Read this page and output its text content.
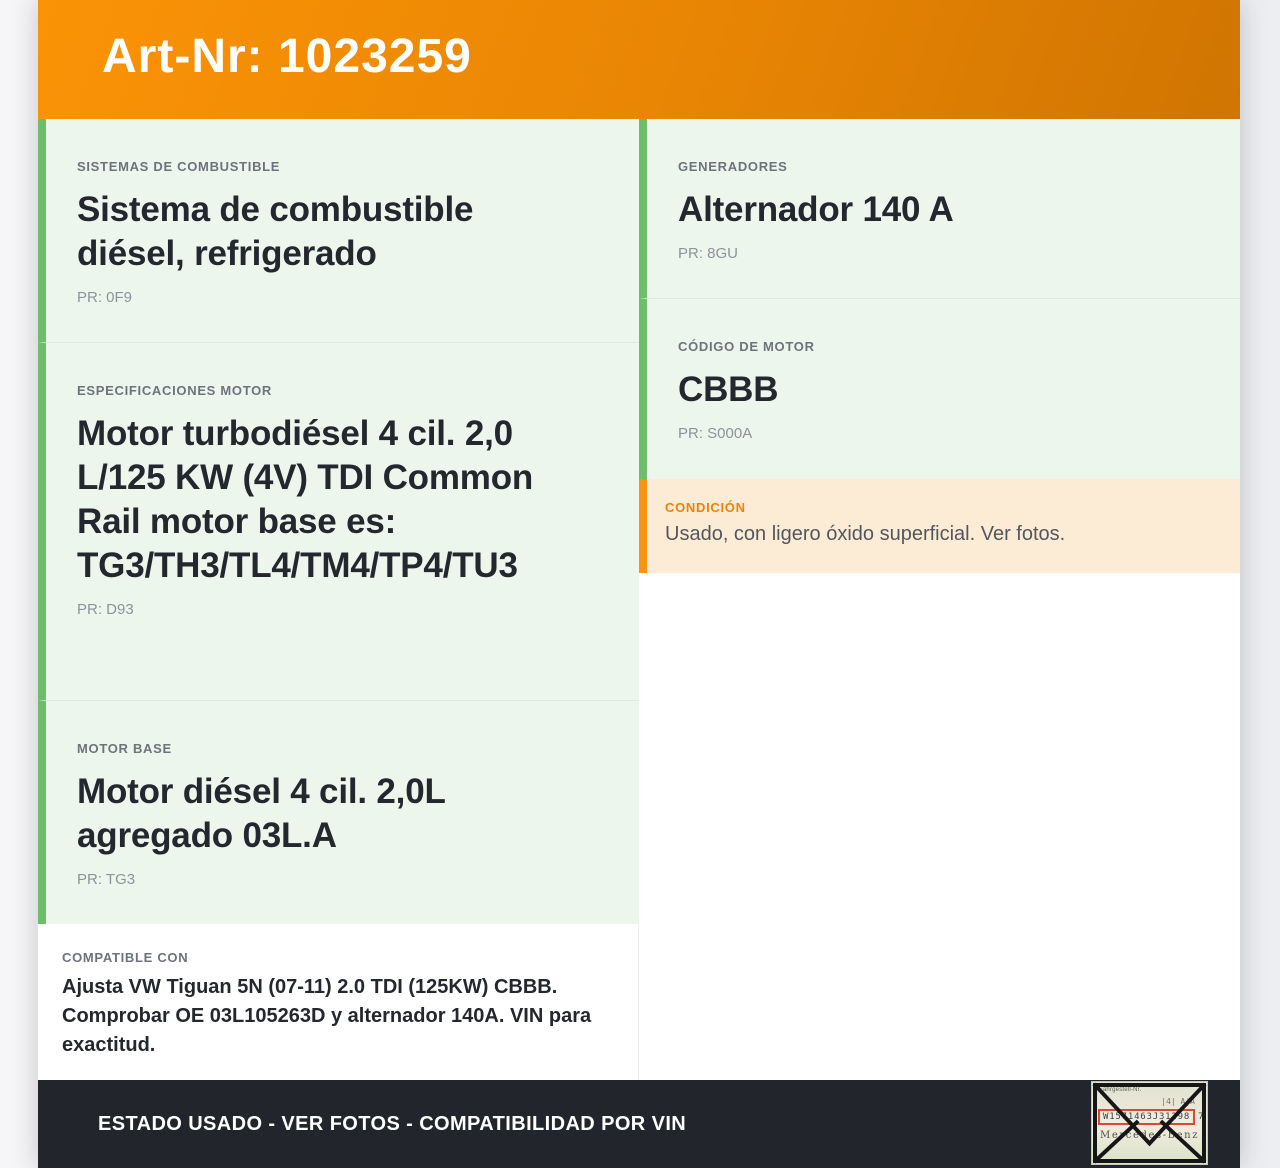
Art-Nr: 1023259
SISTEMAS DE COMBUSTIBLE
Sistema de combustible diésel, refrigerado
PR: 0F9
ESPECIFICACIONES MOTOR
Motor turbodiésel 4 cil. 2,0 L/125 KW (4V) TDI Common Rail motor base es: TG3/TH3/TL4/TM4/TP4/TU3
PR: D93
MOTOR BASE
Motor diésel 4 cil. 2,0L agregado 03L.A
PR: TG3
COMPATIBLE CON

Ajusta VW Tiguan 5N (07-11) 2.0 TDI (125KW) CBBB. Comprobar OE 03L105263D y alternador 140A. VIN para exactitud.

GENERADORES
Alternador 140 A
PR: 8GU
CÓDIGO DE MOTOR
CBBB
PR: S000A
CONDICIÓN

Usado, con ligero óxido superficial. Ver fotos.

ESTADO USADO - VER FOTOS - COMPATIBILIDAD POR VIN
Fahrgestell-Nr.
|4| A|A
W1571463J31298 7
Mercedes-Benz
